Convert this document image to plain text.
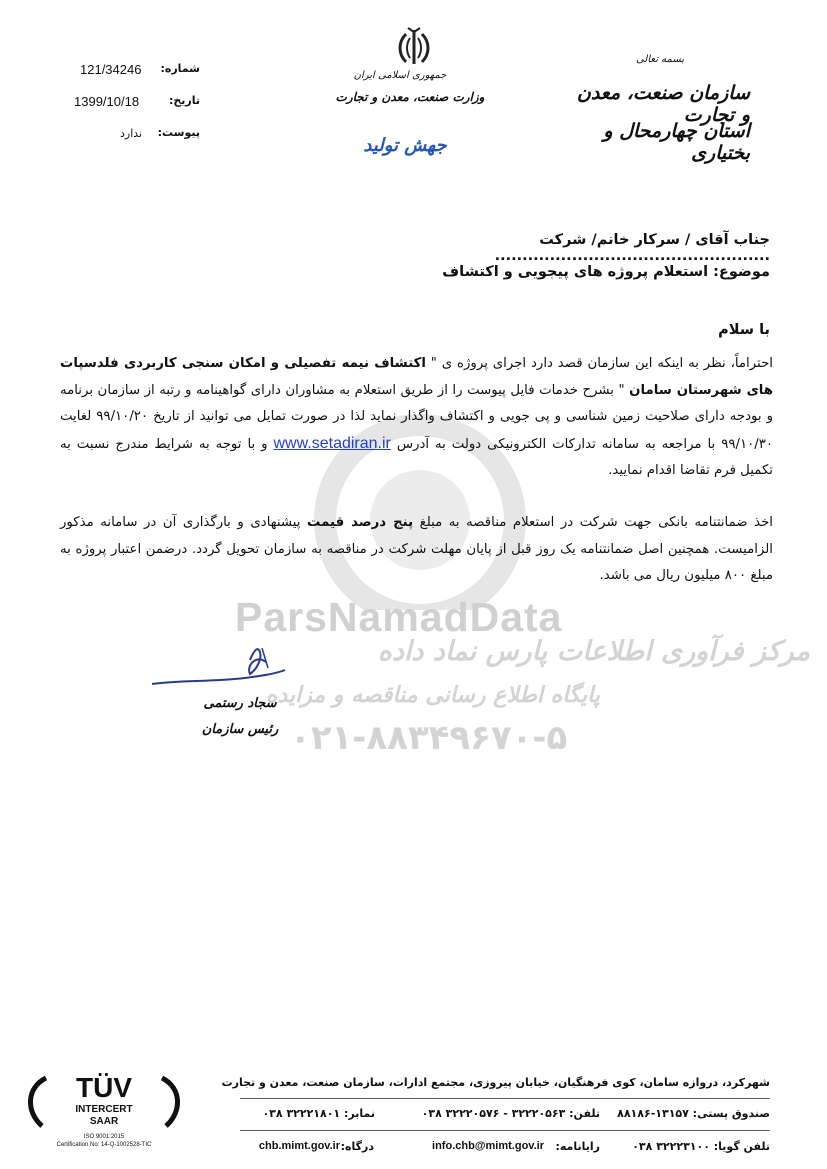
شماره:
121/34246
تاریخ:
1399/10/18
پیوست:
ندارد
جمهوری اسلامی ایران
وزارت صنعت، معدن و تجارت
جهش تولید
بسمه تعالی
سازمان صنعت، معدن و تجارت
استان چهارمحال و بختیاری
ParsNamadData
مرکز فرآوری اطلاعات پارس نماد داده
پایگاه اطلاع رسانی مناقصه و مزایده
۰۲۱-۸۸۳۴۹۶۷۰-۵
جناب آقای / سرکار خانم/ شرکت ..................................................
موضوع: استعلام پروژه های پیجویی و اکتشاف
با سلام
احتراماً، نظر به اینکه این سازمان قصد دارد اجرای پروژه ی " اکتشاف نیمه تفصیلی و امکان سنجی کاربردی فلدسپات های شهرستان سامان " بشرح خدمات فایل پیوست را از طریق استعلام به مشاوران دارای گواهینامه و رتبه از سازمان برنامه و بودجه دارای صلاحیت زمین شناسی و پی جویی و اکتشاف واگذار نماید لذا در صورت تمایل می توانید از تاریخ ۹۹/۱۰/۲۰ لغایت ۹۹/۱۰/۳۰ با مراجعه به سامانه تدارکات الکترونیکی دولت به آدرس www.setadiran.ir و با توجه به شرایط مندرج نسبت به تکمیل فرم تقاضا اقدام نمایید.
اخذ ضمانتنامه بانکی جهت شرکت در استعلام مناقصه به مبلغ پنج درصد قیمت پیشنهادی و بارگذاری آن در سامانه مذکور الزامیست. همچنین اصل ضمانتنامه یک روز قبل از پایان مهلت شرکت در مناقصه به سازمان تحویل گردد. درضمن اعتبار پروژه به مبلغ ۸۰۰ میلیون ریال می باشد.
سجاد رستمی
رئیس سازمان
TÜV
INTERCERT
SAAR
ISO 9001:2015
Certification No: 14-Q-1002528-TIC
شهرکرد، دروازه سامان، کوی فرهنگیان، خیابان پیروزی، مجتمع ادارات، سازمان صنعت، معدن و تجارت
صندوق پستی: ۱۳۱۵۷-۸۸۱۸۶
تلفن: ۳۲۲۲۰۵۶۳ - ۳۲۲۲۰۵۷۶ ۰۳۸
نمابر: ۳۲۲۲۱۸۰۱ ۰۳۸
تلفن گویا: ۳۲۲۲۳۱۰۰ ۰۳۸
رایانامه:
info.chb@mimt.gov.ir
درگاه:
chb.mimt.gov.ir
